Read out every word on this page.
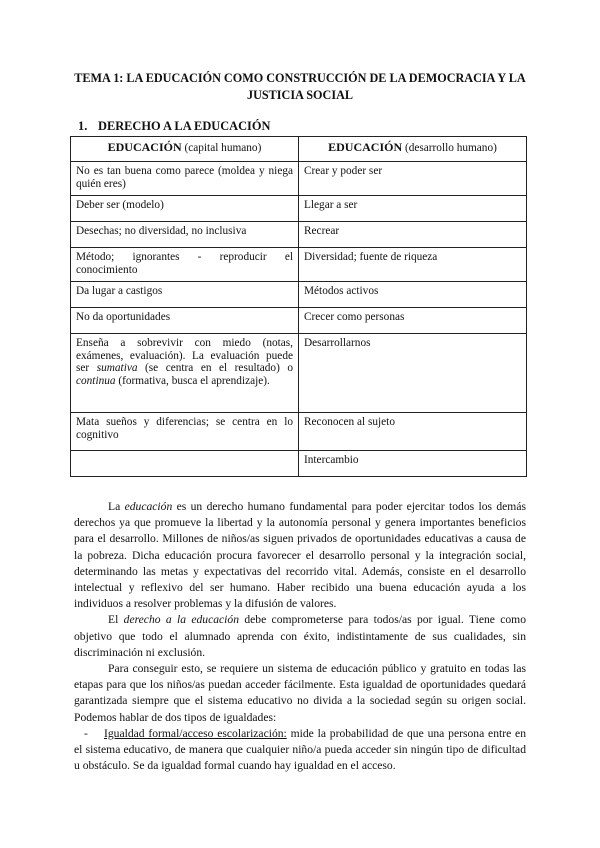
TEMA 1: LA EDUCACIÓN COMO CONSTRUCCIÓN DE LA DEMOCRACIA Y LA JUSTICIA SOCIAL
1. DERECHO A LA EDUCACIÓN
EDUCACIÓN (capital humano)	EDUCACIÓN (desarrollo humano)
No es tan buena como parece (moldea y niega quién eres)	Crear y poder ser
Deber ser (modelo)	Llegar a ser
Desechas; no diversidad, no inclusiva	Recrear
Método; ignorantes - reproducir el conocimiento	Diversidad; fuente de riqueza
Da lugar a castigos	Métodos activos
No da oportunidades	Crecer como personas
Enseña a sobrevivir con miedo (notas, exámenes, evaluación). La evaluación puede ser sumativa (se centra en el resultado) o continua (formativa, busca el aprendizaje).	Desarrollarnos
Mata sueños y diferencias; se centra en lo cognitivo	Reconocen al sujeto
	Intercambio

La educación es un derecho humano fundamental para poder ejercitar todos los demás derechos ya que promueve la libertad y la autonomía personal y genera importantes beneficios para el desarrollo. Millones de niños/as siguen privados de oportunidades educativas a causa de la pobreza. Dicha educación procura favorecer el desarrollo personal y la integración social, determinando las metas y expectativas del recorrido vital. Además, consiste en el desarrollo intelectual y reflexivo del ser humano. Haber recibido una buena educación ayuda a los individuos a resolver problemas y la difusión de valores.

El derecho a la educación debe comprometerse para todos/as por igual. Tiene como objetivo que todo el alumnado aprenda con éxito, indistintamente de sus cualidades, sin discriminación ni exclusión.

Para conseguir esto, se requiere un sistema de educación público y gratuito en todas las etapas para que los niños/as puedan acceder fácilmente. Esta igualdad de oportunidades quedará garantizada siempre que el sistema educativo no divida a la sociedad según su origen social. Podemos hablar de dos tipos de igualdades:

- Igualdad formal/acceso escolarización: mide la probabilidad de que una persona entre en el sistema educativo, de manera que cualquier niño/a pueda acceder sin ningún tipo de dificultad u obstáculo. Se da igualdad formal cuando hay igualdad en el acceso.
